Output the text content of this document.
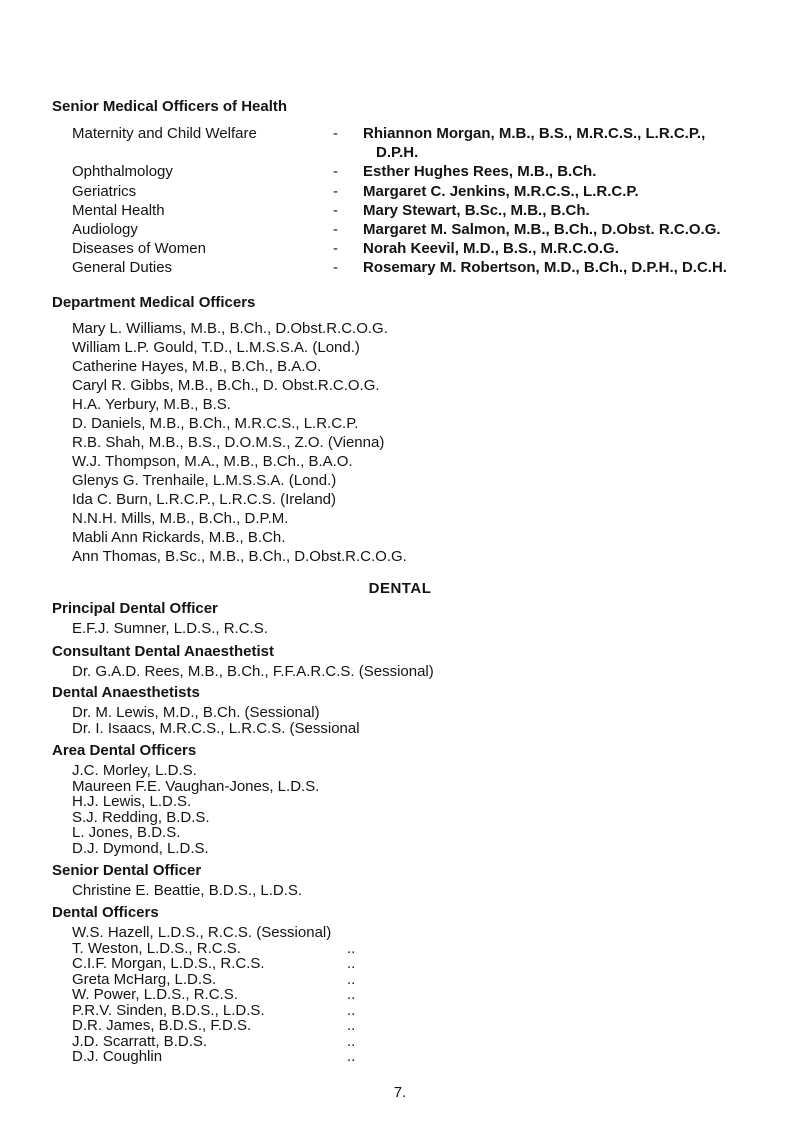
Senior Medical Officers of Health
Maternity and Child Welfare	- Rhiannon Morgan, M.B., B.S., M.R.C.S., L.R.C.P.,
D.P.H.
Ophthalmology	- Esther Hughes Rees, M.B., B.Ch.
Geriatrics	- Margaret C. Jenkins, M.R.C.S., L.R.C.P.
Mental Health	- Mary Stewart, B.Sc., M.B., B.Ch.
Audiology	- Margaret M. Salmon, M.B., B.Ch., D.Obst. R.C.O.G.
Diseases of Women	- Norah Keevil, M.D., B.S., M.R.C.O.G.
General Duties	- Rosemary M. Robertson, M.D., B.Ch., D.P.H., D.C.H.
Department Medical Officers
Mary L. Williams, M.B., B.Ch., D.Obst.R.C.O.G.
William L.P. Gould, T.D., L.M.S.S.A. (Lond.)
Catherine Hayes, M.B., B.Ch., B.A.O.
Caryl R. Gibbs, M.B., B.Ch., D. Obst.R.C.O.G.
H.A. Yerbury, M.B., B.S.
D. Daniels, M.B., B.Ch., M.R.C.S., L.R.C.P.
R.B. Shah, M.B., B.S., D.O.M.S., Z.O. (Vienna)
W.J. Thompson, M.A., M.B., B.Ch., B.A.O.
Glenys G. Trenhaile, L.M.S.S.A. (Lond.)
Ida C. Burn, L.R.C.P., L.R.C.S. (Ireland)
N.N.H. Mills, M.B., B.Ch., D.P.M.
Mabli Ann Rickards, M.B., B.Ch.
Ann Thomas, B.Sc., M.B., B.Ch., D.Obst.R.C.O.G.
DENTAL
Principal Dental Officer
E.F.J. Sumner, L.D.S., R.C.S.
Consultant Dental Anaesthetist
Dr. G.A.D. Rees, M.B., B.Ch., F.F.A.R.C.S. (Sessional)
Dental Anaesthetists
Dr. M. Lewis, M.D., B.Ch. (Sessional)
Dr. I. Isaacs, M.R.C.S., L.R.C.S. (Sessional
Area Dental Officers
J.C. Morley, L.D.S.
Maureen F.E. Vaughan-Jones, L.D.S.
H.J. Lewis, L.D.S.
S.J. Redding, B.D.S.
L. Jones, B.D.S.
D.J. Dymond, L.D.S.
Senior Dental Officer
Christine E. Beattie, B.D.S., L.D.S.
Dental Officers
W.S. Hazell, L.D.S., R.C.S. (Sessional)
T. Weston, L.D.S., R.C.S.	..
C.I.F. Morgan, L.D.S., R.C.S.	..
Greta McHarg, L.D.S.	..
W. Power, L.D.S., R.C.S.	..
P.R.V. Sinden, B.D.S., L.D.S.	..
D.R. James, B.D.S., F.D.S.	..
J.D. Scarratt, B.D.S.	..
D.J. Coughlin	..
7.
